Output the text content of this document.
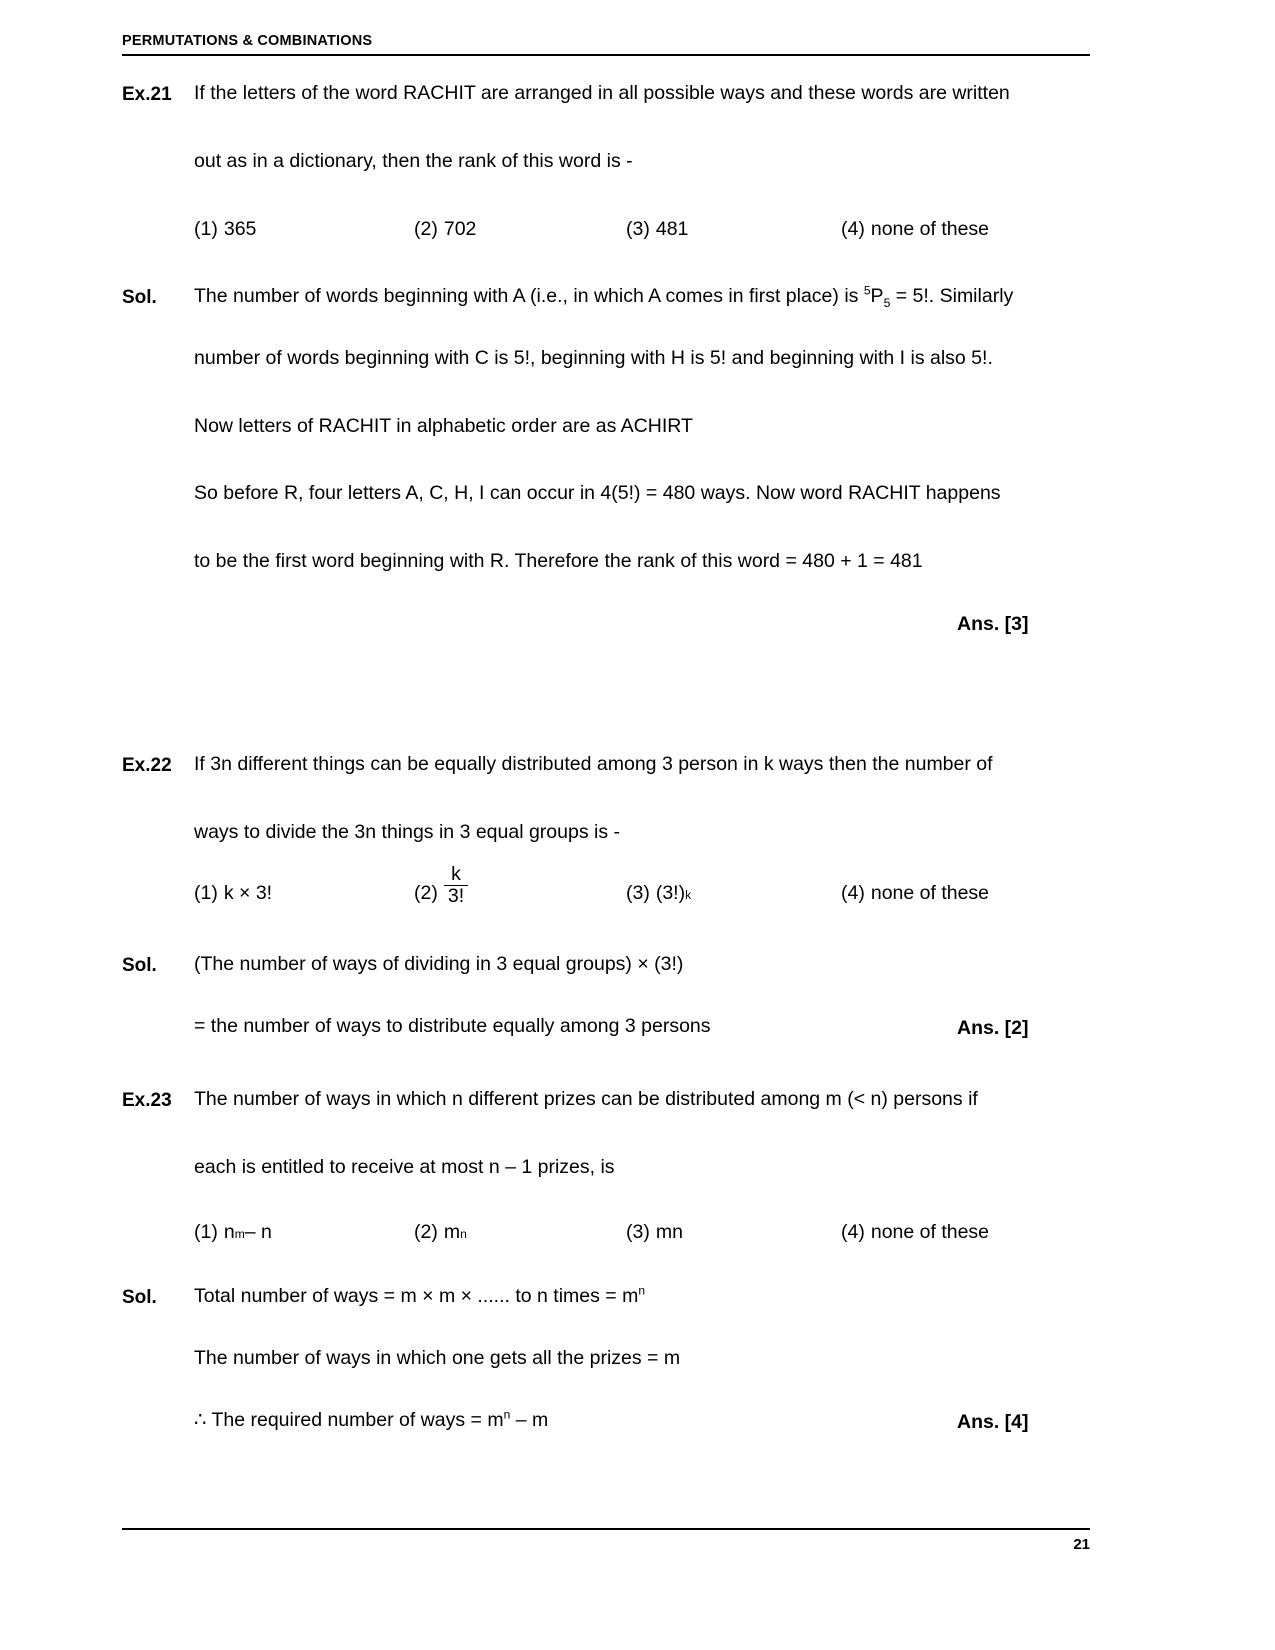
PERMUTATIONS & COMBINATIONS
Ex.21	If the letters of the word RACHIT are arranged in all possible ways and these words are written
out as in a dictionary, then the rank of this word is -
(1) 365	(2) 702	(3) 481	(4) none of these
Sol.	The number of words beginning with A (i.e., in which A comes in first place) is $^5P_5 = 5$!. Similarly
number of words beginning with C is 5!, beginning with H is 5! and beginning with I is also 5!.
Now letters of RACHIT in alphabetic order are as ACHIRT
So before R, four letters A, C, H, I can occur in 4(5!) = 480 ways. Now word RACHIT happens
to be the first word beginning with R. Therefore the rank of this word = 480 + 1 = 481
Ans. [3]
Ex.22	If 3n different things can be equally distributed among 3 person in k ways then the number of
ways to divide the 3n things in 3 equal groups is -
(1) k × 3!	$(2) \frac{k}{3!}$	(3) (3!) k	(4) none of these
Sol.	(The number of ways of dividing in 3 equal groups) × (3!)
= the number of ways to distribute equally among 3 persons	Ans. [2]
Ex.23	The number of ways in which n different prizes can be distributed among m (< n) persons if
each is entitled to receive at most n – 1 prizes, is
(1) n m – n	(2) m n	(3) mn	(4) none of these
Sol.	Total number of ways = m × m × ...... to n times = $m^n$
The number of ways in which one gets all the prizes = m
∴ The required number of ways = $m^n$ – m	Ans. [4]
21
